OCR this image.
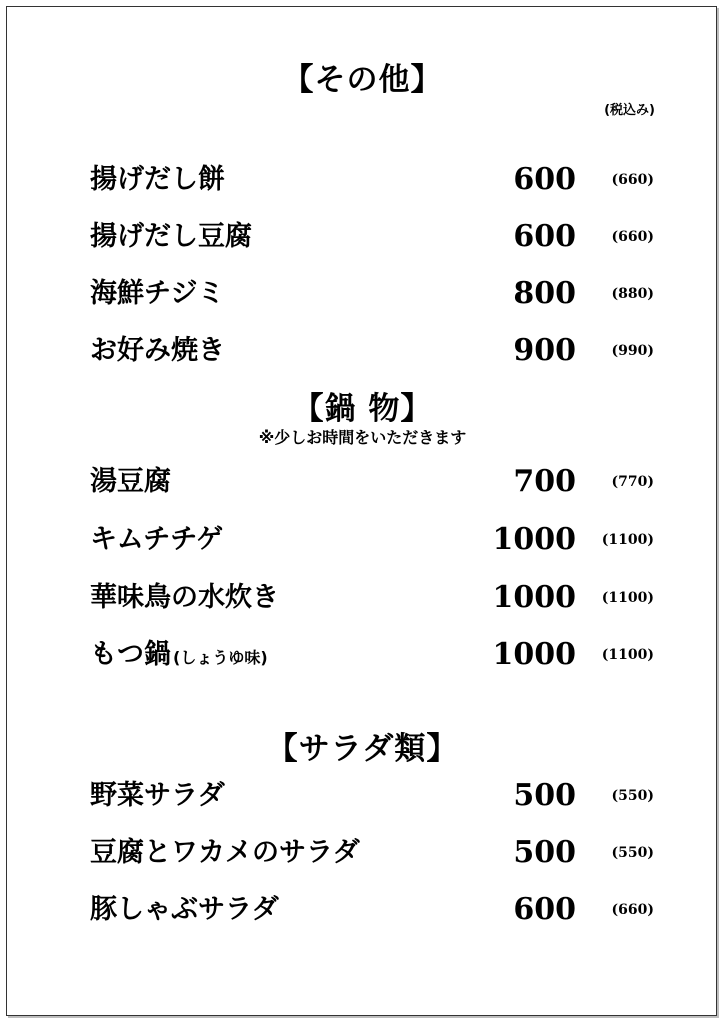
【その他】
(税込み)
揚げだし餅	600	(660)
揚げだし豆腐	600	(660)
海鮮チジミ	800	(880)
お好み焼き	900	(990)
【鍋 物】
※少しお時間をいただきます
湯豆腐	700	(770)
キムチチゲ	1000 (1100)
華味鳥の水炊き	1000 (1100)
もつ鍋 (しょうゆ味)	1000 (1100)
【サラダ類】
野菜サラダ	500	(550)
豆腐とワカメのサラダ	500	(550)
豚しゃぶサラダ	600	(660)
